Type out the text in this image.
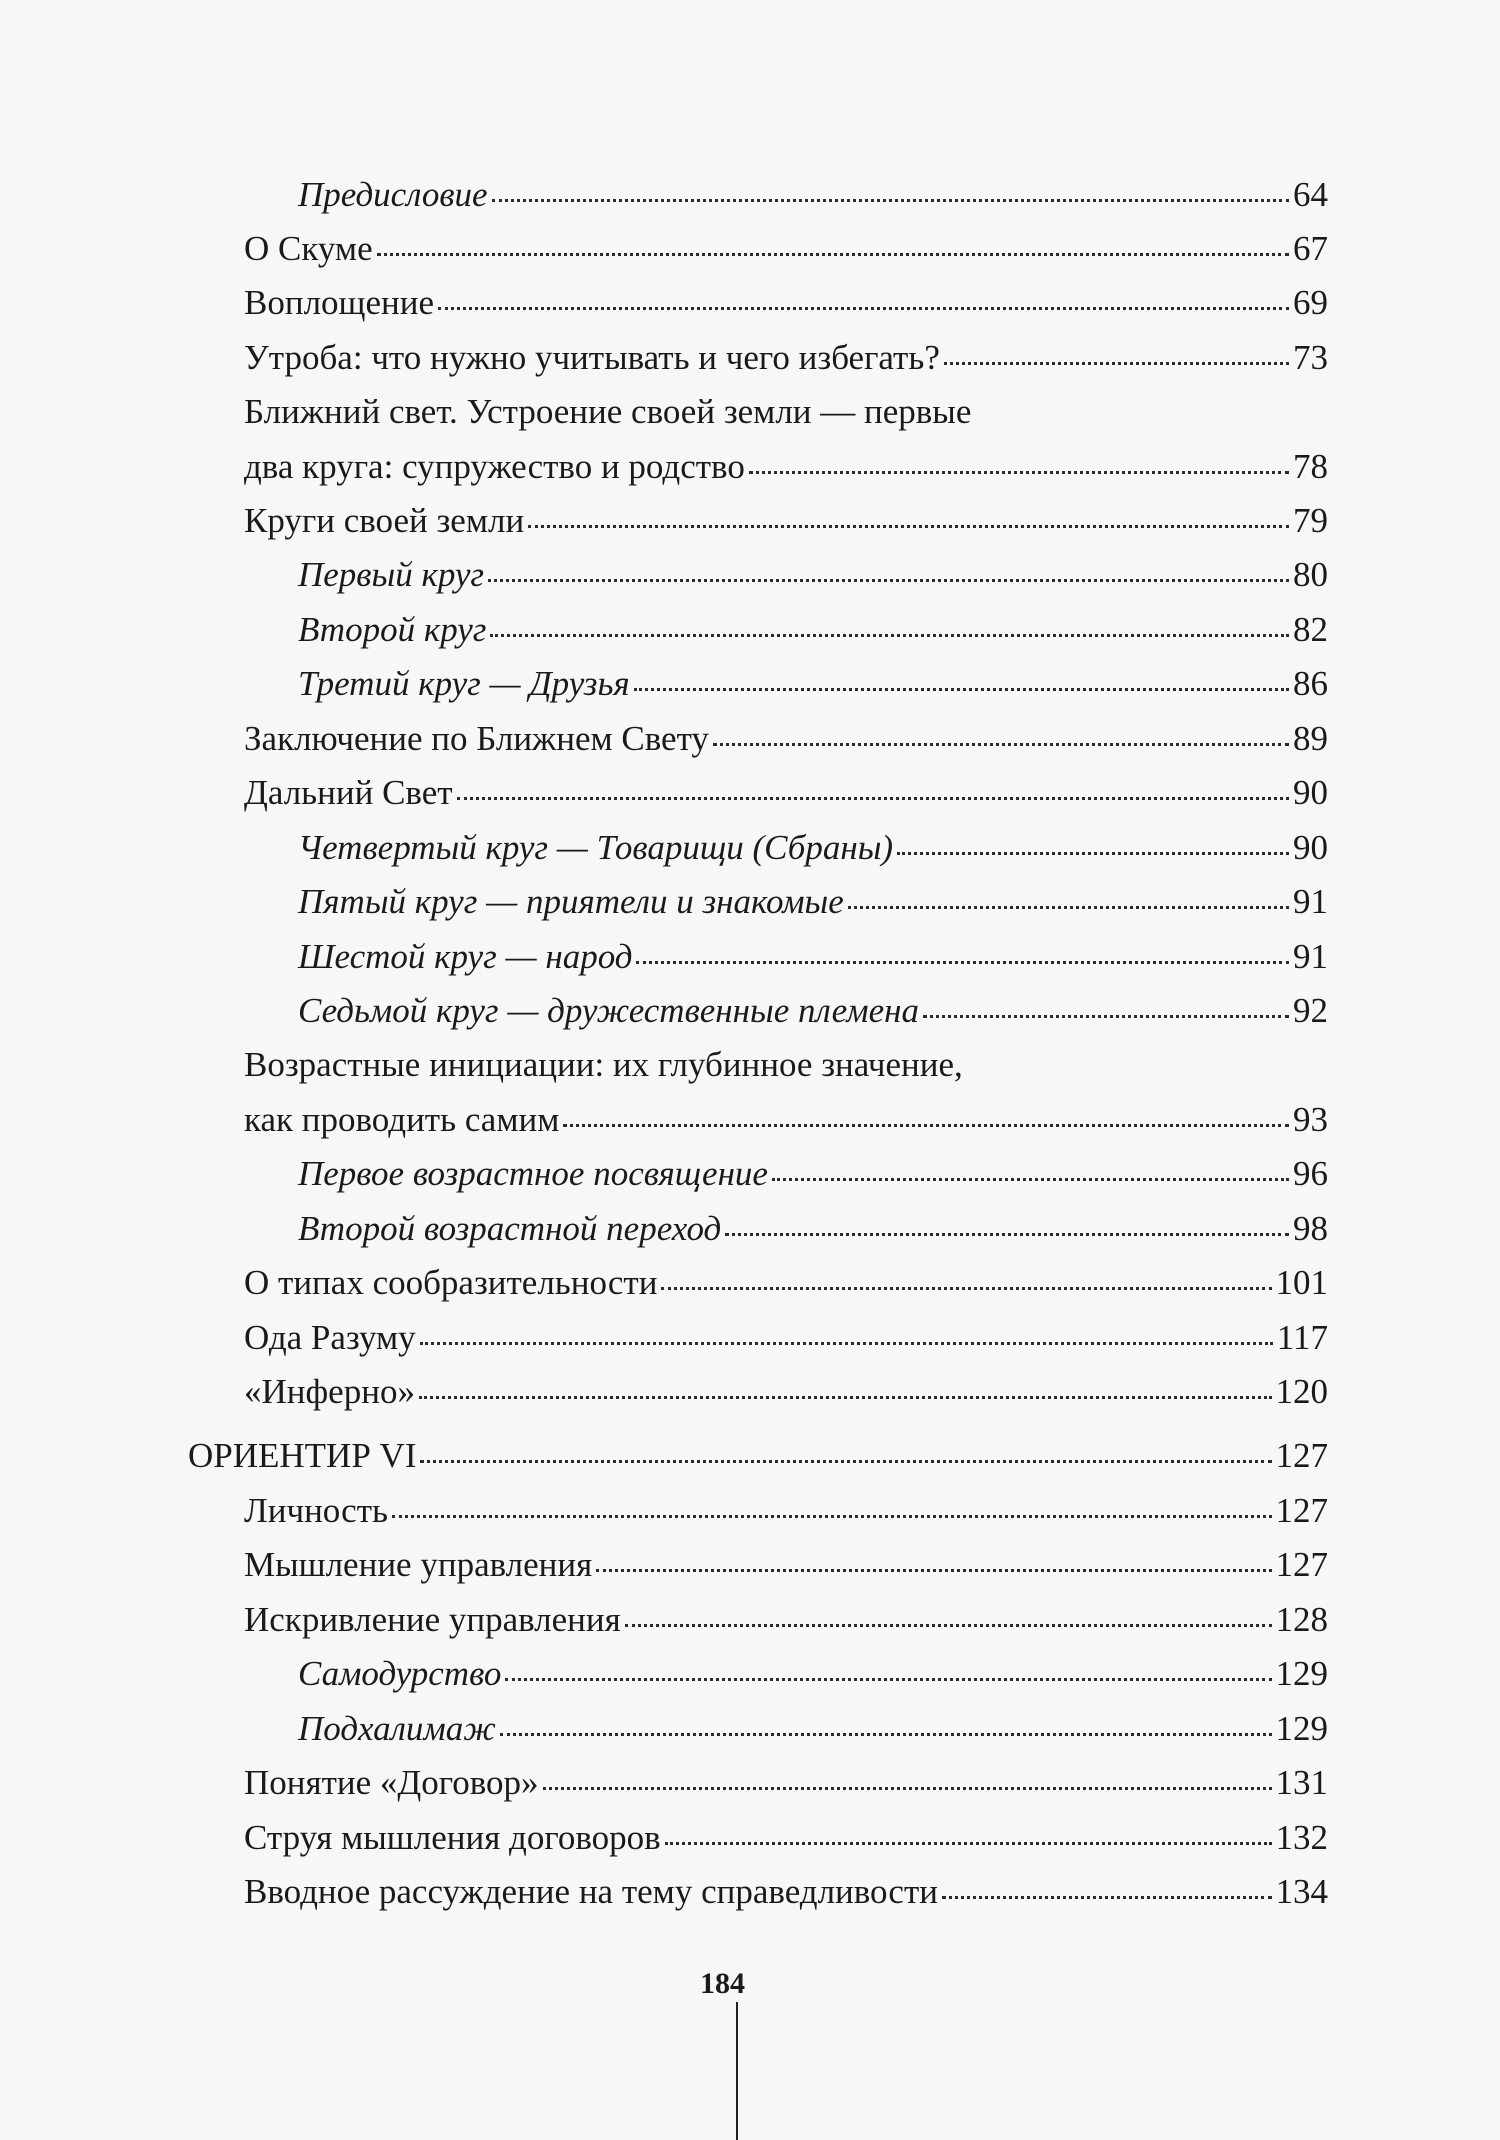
Предисловие	64
О Скуме	67
Воплощение	69
Утроба: что нужно учитывать и чего избегать?	73
Ближний свет. Устроение своей земли — первые
два круга: супружество и родство	78
Круги своей земли	79
Первый круг	80
Второй круг	82
Третий круг — Друзья	86
Заключение по Ближнем Свету	89
Дальний Свет	90
Четвертый круг — Товарищи (Сбраны)	90
Пятый круг — приятели и знакомые	91
Шестой круг — народ	91
Седьмой круг — дружественные племена	92
Возрастные инициации: их глубинное значение,
как проводить самим	93
Первое возрастное посвящение	96
Второй возрастной переход	98
О типах сообразительности	101
Ода Разуму	117
«Инферно»	120
ОРИЕНТИР VI	127
Личность	127
Мышление управления	127
Искривление управления	128
Самодурство	129
Подхалимаж	129
Понятие «Договор»	131
Струя мышления договоров	132
Вводное рассуждение на тему справедливости	134
184
